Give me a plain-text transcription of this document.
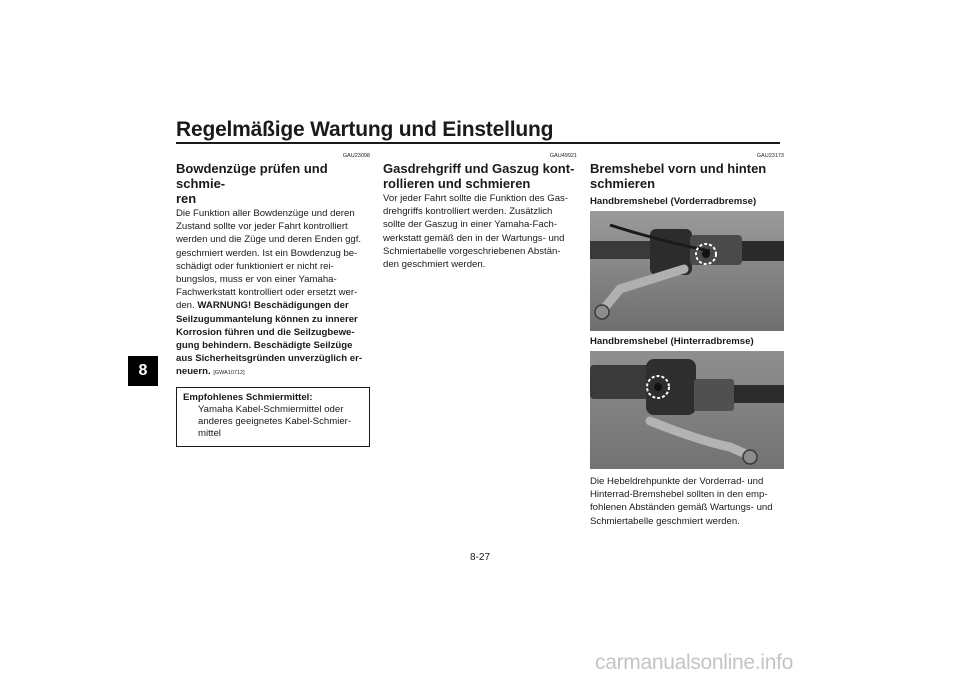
Regelmäßige Wartung und Einstellung
8
GAU23098
Bowdenzüge prüfen und schmie-
ren
Die Funktion aller Bowdenzüge und deren
Zustand sollte vor jeder Fahrt kontrolliert
werden und die Züge und deren Enden ggf.
geschmiert werden. Ist ein Bowdenzug be-
schädigt oder funktioniert er nicht rei-
bungslos, muss er von einer Yamaha-
Fachwerkstatt kontrolliert oder ersetzt wer-
den. WARNUNG! Beschädigungen der
Seilzugummantelung können zu innerer
Korrosion führen und die Seilzugbewe-
gung behindern. Beschädigte Seilzüge
aus Sicherheitsgründen unverzüglich er-
neuern. [GWA10712]
Empfohlenes Schmiermittel:
Yamaha Kabel-Schmiermittel oder
anderes geeignetes Kabel-Schmier-
mittel
GAU49921
Gasdrehgriff und Gaszug kont-
rollieren und schmieren
Vor jeder Fahrt sollte die Funktion des Gas-
drehgriffs kontrolliert werden. Zusätzlich
sollte der Gaszug in einer Yamaha-Fach-
werkstatt gemäß den in der Wartungs- und
Schmiertabelle vorgeschriebenen Abstän-
den geschmiert werden.
GAU23173
Bremshebel vorn und hinten
schmieren
Handbremshebel (Vorderradbremse)
Handbremshebel (Hinterradbremse)
Die Hebeldrehpunkte der Vorderrad- und
Hinterrad-Bremshebel sollten in den emp-
fohlenen Abständen gemäß Wartungs- und
Schmiertabelle geschmiert werden.
8-27
carmanualsonline.info
